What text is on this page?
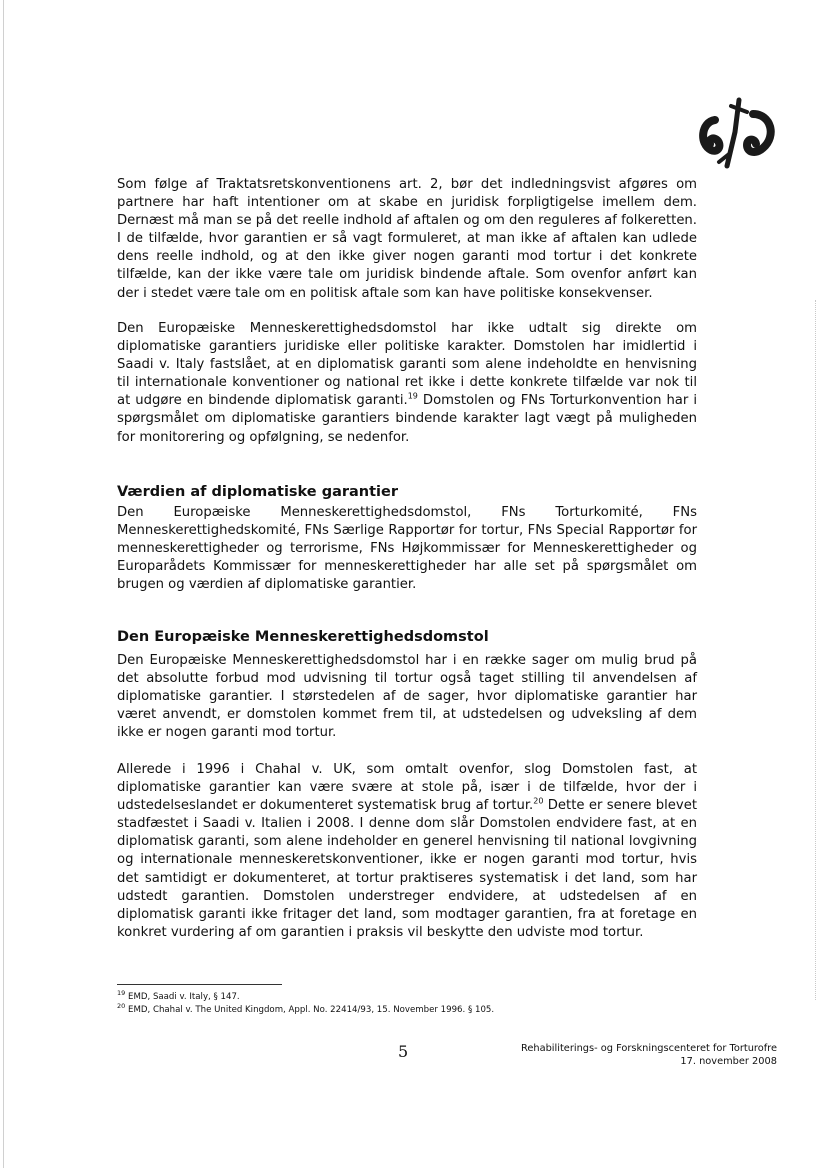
Som følge af Traktatsretskonventionens art. 2, bør det indledningsvist afgøres om partnere har haft intentioner om at skabe en juridisk forpligtigelse imellem dem. Dernæst må man se på det reelle indhold af aftalen og om den reguleres af folkeretten. I de tilfælde, hvor garantien er så vagt formuleret, at man ikke af aftalen kan udlede dens reelle indhold, og at den ikke giver nogen garanti mod tortur i det konkrete tilfælde, kan der ikke være tale om juridisk bindende aftale. Som ovenfor anført kan der i stedet være tale om en politisk aftale som kan have politiske konsekvenser.

Den Europæiske Menneskerettighedsdomstol har ikke udtalt sig direkte om diplomatiske garantiers juridiske eller politiske karakter. Domstolen har imidlertid i Saadi v. Italy fastslået, at en diplomatisk garanti som alene indeholdte en henvisning til internationale konventioner og national ret ikke i dette konkrete tilfælde var nok til at udgøre en bindende diplomatisk garanti.$^{19}$ Domstolen og FNs Torturkonvention har i spørgsmålet om diplomatiske garantiers bindende karakter lagt vægt på muligheden for monitorering og opfølgning, se nedenfor.

Værdien af diplomatiske garantier

Den Europæiske Menneskerettighedsdomstol, FNs Torturkomité, FNs Menneskerettighedskomité, FNs Særlige Rapportør for tortur, FNs Special Rapportør for menneskerettigheder og terrorisme, FNs Højkommissær for Menneskerettigheder og Europarådets Kommissær for menneskerettigheder har alle set på spørgsmålet om brugen og værdien af diplomatiske garantier.

Den Europæiske Menneskerettighedsdomstol

Den Europæiske Menneskerettighedsdomstol har i en række sager om mulig brud på det absolutte forbud mod udvisning til tortur også taget stilling til anvendelsen af diplomatiske garantier. I størstedelen af de sager, hvor diplomatiske garantier har været anvendt, er domstolen kommet frem til, at udstedelsen og udveksling af dem ikke er nogen garanti mod tortur.

Allerede i 1996 i Chahal v. UK, som omtalt ovenfor, slog Domstolen fast, at diplomatiske garantier kan være svære at stole på, især i de tilfælde, hvor der i udstedelseslandet er dokumenteret systematisk brug af tortur.$^{20}$ Dette er senere blevet stadfæstet i Saadi v. Italien i 2008. I denne dom slår Domstolen endvidere fast, at en diplomatisk garanti, som alene indeholder en generel henvisning til national lovgivning og internationale menneskeretskonventioner, ikke er nogen garanti mod tortur, hvis det samtidigt er dokumenteret, at tortur praktiseres systematisk i det land, som har udstedt garantien. Domstolen understreger endvidere, at udstedelsen af en diplomatisk garanti ikke fritager det land, som modtager garantien, fra at foretage en konkret vurdering af om garantien i praksis vil beskytte den udviste mod tortur.

$^{19}$ EMD, Saadi v. Italy, § 147.

$^{20}$ EMD, Chahal v. The United Kingdom, Appl. No. 22414/93, 15. November 1996. § 105.

5	Rehabiliterings- og Forskningscenteret for Torturofre
17. november 2008
